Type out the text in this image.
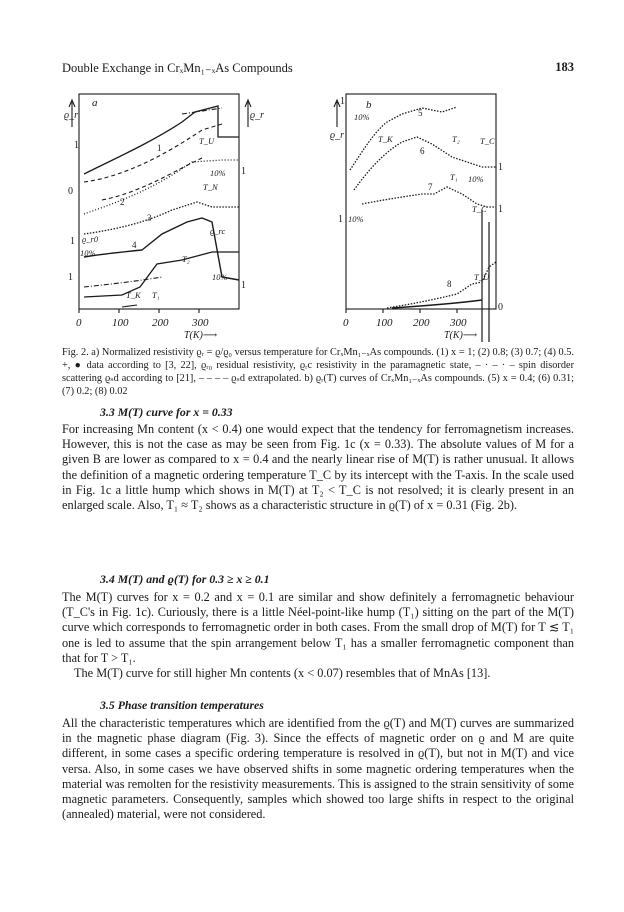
Double Exchange in CrₓMn₁₋ₓAs Compounds	183
a
ϱ_r	ϱ_r
1
0
1
1
10%
1
2
3
4
T_U
T_N
T₂
T_K T₁
ϱ_r0
ϱ_rc
10%
10%
1
1
0	100 200 300
T(K)⟶
b
ϱ_r
1
1
10%
10%
5
6
7
8
T_K	T₂ T_C
T₁
T_C
T_U
10%
1
1
0
0	100 200 300
T(K)⟶
Fig. 2. a) Normalized resistivity ϱᵣ = ϱ/ϱ₀ versus temperature for CrₓMn₁₋ₓAs compounds. (1) x = 1; (2) 0.8; (3) 0.7; (4) 0.5. +, ● data according to [3, 22], ϱᵣ₀ residual resistivity, ϱᵣc resistivity in the paramagnetic state, – · – · – spin disorder scattering ϱₛd according to [21], – – – – ϱₛd extrapolated. b) ϱᵣ(T) curves of CrₓMn₁₋ₓAs compounds. (5) x = 0.4; (6) 0.31; (7) 0.2; (8) 0.02
3.3 M(T) curve for x = 0.33
For increasing Mn content (x < 0.4) one would expect that the tendency for ferromagnetism increases. However, this is not the case as may be seen from Fig. 1c (x = 0.33). The absolute values of M for a given B are lower as compared to x = 0.4 and the nearly linear rise of M(T) is rather unusual. It allows the definition of a magnetic ordering temperature T_C by its intercept with the T-axis. In the scale used in Fig. 1c a little hump which shows in M(T) at T₂ < T_C is not resolved; it is clearly present in an enlarged scale. Also, T₁ ≈ T₂ shows as a characteristic structure in ϱ(T) of x = 0.31 (Fig. 2b).
3.4 M(T) and ϱ(T) for 0.3 ≥ x ≥ 0.1
The M(T) curves for x = 0.2 and x = 0.1 are similar and show definitely a ferromagnetic behaviour (T_C's in Fig. 1c). Curiously, there is a little Néel-point-like hump (T₁) sitting on the part of the M(T) curve which corresponds to ferromagnetic order in both cases. From the small drop of M(T) for T ≲ T₁ one is led to assume that the spin arrangement below T₁ has a smaller ferromagnetic component than that for T > T₁.
The M(T) curve for still higher Mn contents (x < 0.07) resembles that of MnAs [13].
3.5 Phase transition temperatures
All the characteristic temperatures which are identified from the ϱ(T) and M(T) curves are summarized in the magnetic phase diagram (Fig. 3). Since the effects of magnetic order on ϱ and M are quite different, in some cases a specific ordering temperature is resolved in ϱ(T), but not in M(T) and vice versa. Also, in some cases we have observed shifts in some magnetic ordering temperatures when the material was remolten for the resistivity measurements. This is assigned to the strain sensitivity of some magnetic parameters. Consequently, samples which showed too large shifts in respect to the original (annealed) material, were not considered.
